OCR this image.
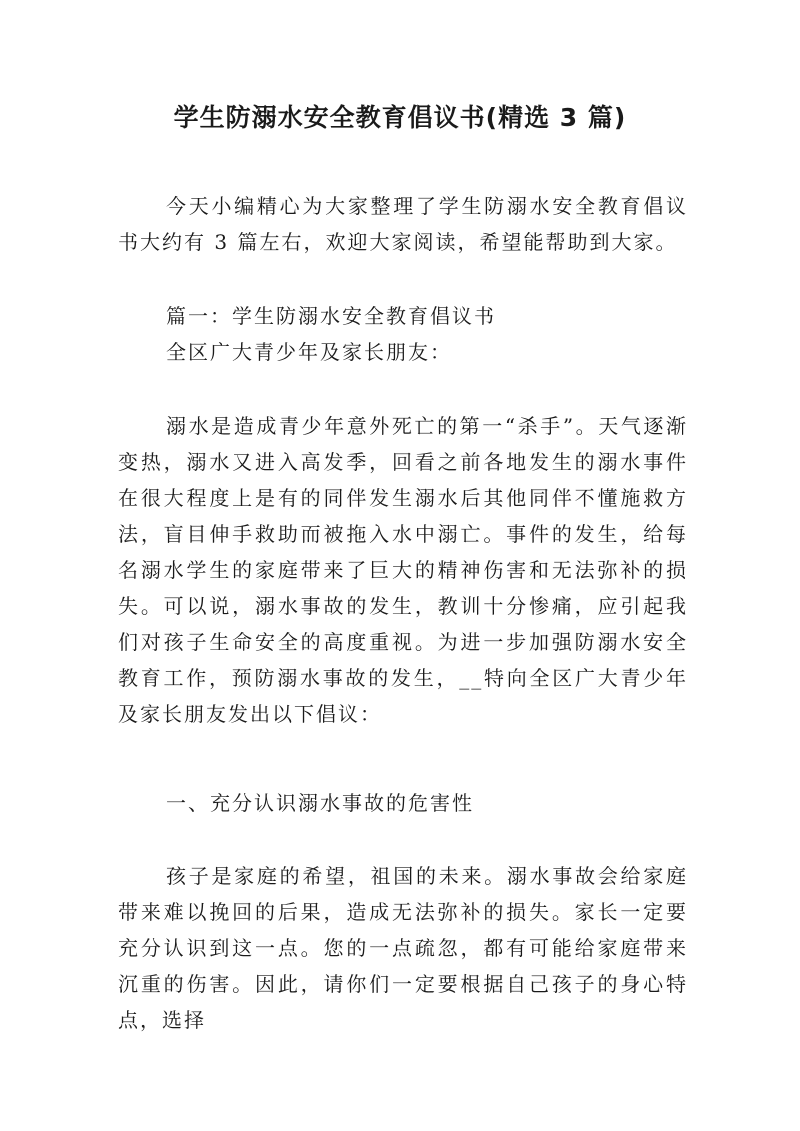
学生防溺水安全教育倡议书(精选 3 篇)

今天小编精心为大家整理了学生防溺水安全教育倡议书大约有 3 篇左右，欢迎大家阅读，希望能帮助到大家。

篇一：学生防溺水安全教育倡议书

全区广大青少年及家长朋友：

溺水是造成青少年意外死亡的第一“杀手”。天气逐渐变热，溺水又进入高发季，回看之前各地发生的溺水事件在很大程度上是有的同伴发生溺水后其他同伴不懂施救方法，盲目伸手救助而被拖入水中溺亡。事件的发生，给每名溺水学生的家庭带来了巨大的精神伤害和无法弥补的损失。可以说，溺水事故的发生，教训十分惨痛，应引起我们对孩子生命安全的高度重视。为进一步加强防溺水安全教育工作，预防溺水事故的发生，__特向全区广大青少年及家长朋友发出以下倡议：

一、充分认识溺水事故的危害性

孩子是家庭的希望，祖国的未来。溺水事故会给家庭带来难以挽回的后果，造成无法弥补的损失。家长一定要充分认识到这一点。您的一点疏忽，都有可能给家庭带来沉重的伤害。因此，请你们一定要根据自己孩子的身心特点，选择
